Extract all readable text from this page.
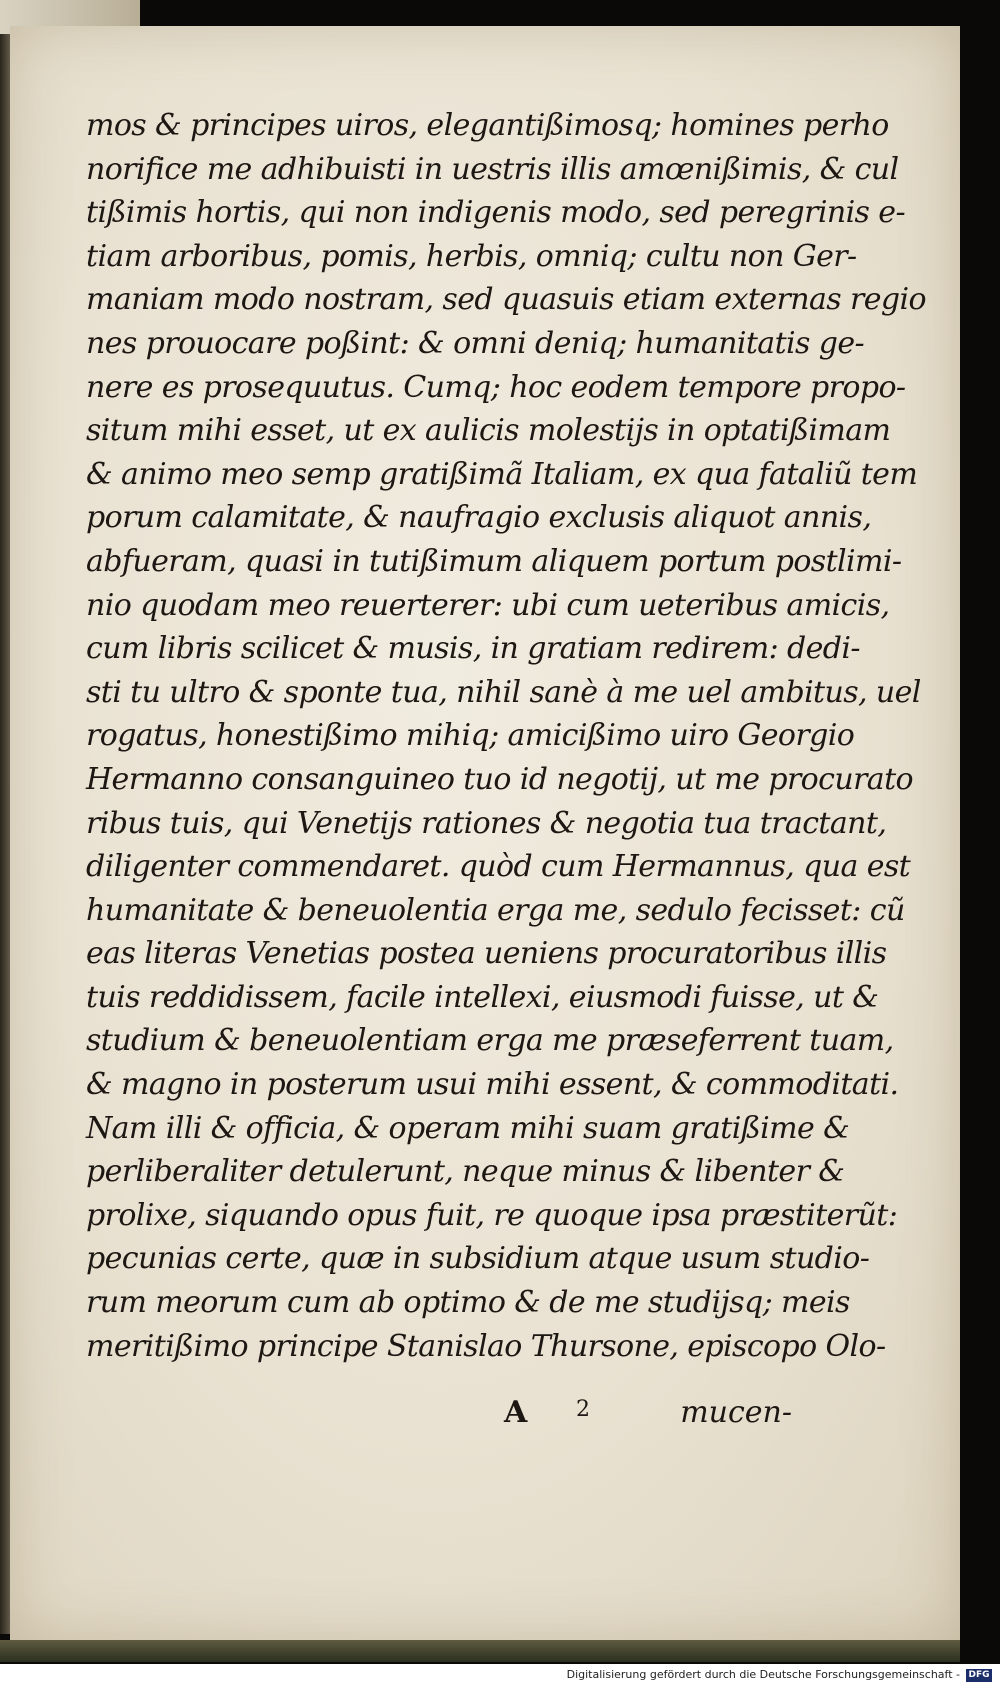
mos & principes uiros, elegantißimosq; homines perho
norifice me adhibuisti in uestris illis amœnißimis, & cul
tißimis hortis, qui non indigenis modo, sed peregrinis e-
tiam arboribus, pomis, herbis, omniq; cultu non Ger-
maniam modo nostram, sed quasuis etiam externas regio
nes prouocare poßint: & omni deniq; humanitatis ge-
nere es prosequutus. Cumq; hoc eodem tempore propo-
situm mihi esset, ut ex aulicis molestijs in optatißimam
& animo meo semp gratißimã Italiam, ex qua fataliũ tem
porum calamitate, & naufragio exclusis aliquot annis,
abfueram, quasi in tutißimum aliquem portum postlimi-
nio quodam meo reuerterer: ubi cum ueteribus amicis,
cum libris scilicet & musis, in gratiam redirem: dedi-
sti tu ultro & sponte tua, nihil sanè à me uel ambitus, uel
rogatus, honestißimo mihiq; amicißimo uiro Georgio
Hermanno consanguineo tuo id negotij, ut me procurato
ribus tuis, qui Venetijs rationes & negotia tua tractant,
diligenter commendaret. quòd cum Hermannus, qua est
humanitate & beneuolentia erga me, sedulo fecisset: cũ
eas literas Venetias postea ueniens procuratoribus illis
tuis reddidissem, facile intellexi, eiusmodi fuisse, ut &
studium & beneuolentiam erga me præseferrent tuam,
& magno in posterum usui mihi essent, & commoditati.
Nam illi & officia, & operam mihi suam gratißime &
perliberaliter detulerunt, neque minus & libenter &
prolixe, siquando opus fuit, re quoque ipsa præstiterũt:
pecunias certe, quæ in subsidium atque usum studio-
rum meorum cum ab optimo & de me studijsq; meis
meritißimo principe Stanislao Thursone, episcopo Olo-
A 2	mucen-
Digitalisierung gefördert durch die Deutsche Forschungsgemeinschaft - DFG
